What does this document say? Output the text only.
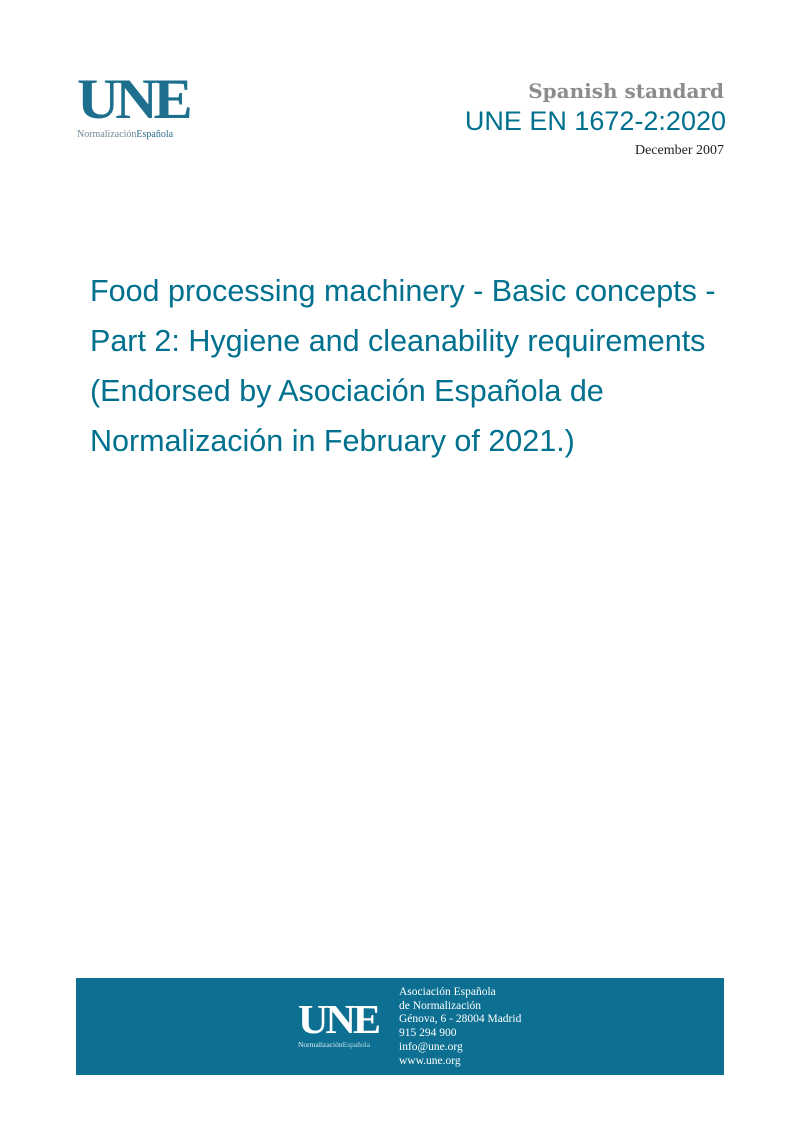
UNE
NormalizaciónEspañola
Spanish standard
UNE EN 1672-2:2020
December 2007
Food processing machinery - Basic concepts - Part 2: Hygiene and cleanability requirements (Endorsed by Asociación Española de Normalización in February of 2021.)
UNE
NormalizaciónEspañola
Asociación Española
de Normalización
Génova, 6 - 28004 Madrid
915 294 900
info@une.org
www.une.org
